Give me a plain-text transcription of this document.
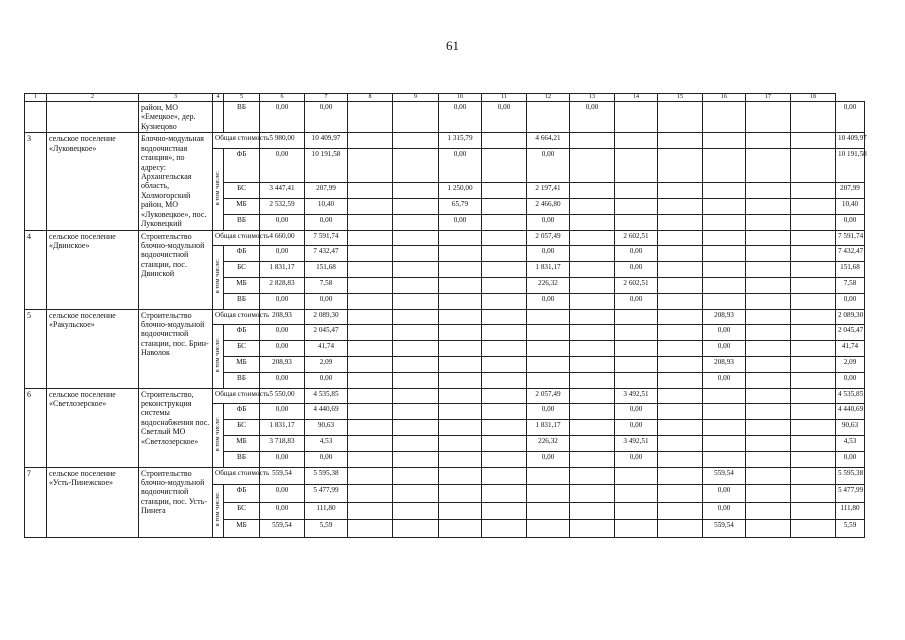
61
1	2	3	4	5	6	7	8	9	10	11	12	13	14	15	16	17	18	
		район, МО «Емецкое», дер. Кузнецово		ВБ	0,00	0,00			0,00	0,00		0,00						0,00
3	сельское поселение «Луковецкое»	Блочно-модульная водоочистная станция», по адресу: Архангельская область, Холмогорский район, МО «Луковецкое», пос. Луковецкий	Общая стоимость		5 980,00	10 409,97			1 315,79		4 664,21							10 409,97
			в том числе:	ФБ	0,00	10 191,58			0,00		0,00							10 191,58
				БС	3 447,41	207,99			1 250,00		2 197,41							207,99
				МБ	2 532,59	10,40			65,79		2 466,80							10,40
				ВБ	0,00	0,00			0,00		0,00							0,00
4	сельское поселение «Двинское»	Строительство блочно-модульной водоочистной станции, пос. Двинской	Общая стоимость		4 660,00	7 591,74					2 057,49		2 602,51					7 591,74
			в том числе:	ФБ	0,00	7 432,47					0,00		0,00					7 432,47
				БС	1 831,17	151,68					1 831,17		0,00					151,68
				МБ	2 828,83	7,58					226,32		2 602,51					7,58
				ВБ	0,00	0,00					0,00		0,00					0,00
5	сельское поселение «Ракульское»	Строительство блочно-модульной водоочистной станции, пос. Брин-Наволок	Общая стоимость		208,93	2 089,30									208,93			2 089,30
			в том числе:	ФБ	0,00	2 045,47									0,00			2 045,47
				БС	0,00	41,74									0,00			41,74
				МБ	208,93	2,09									208,93			2,09
				ВБ	0,00	0,00									0,00			0,00
6	сельское поселение «Светлозерское»	Строительство, реконструкция системы водоснабжения пос. Светлый МО «Светлозерское»	Общая стоимость		5 550,00	4 535,85					2 057,49		3 492,51					4 535,85
			в том числе:	ФБ	0,00	4 440,69					0,00		0,00					4 440,69
				БС	1 831,17	90,63					1 831,17		0,00					90,63
				МБ	3 718,83	4,53					226,32		3 492,51					4,53
				ВБ	0,00	0,00					0,00		0,00					0,00
7	сельское поселение «Усть-Пинежское»	Строительство блочно-модульной водоочистной станции, пос. Усть-Пинега	Общая стоимость		559,54	5 595,38									559,54			5 595,38
			в том числе:	ФБ	0,00	5 477,99									0,00			5 477,99
				БС	0,00	111,80									0,00			111,80
				МБ	559,54	5,59									559,54			5,59
